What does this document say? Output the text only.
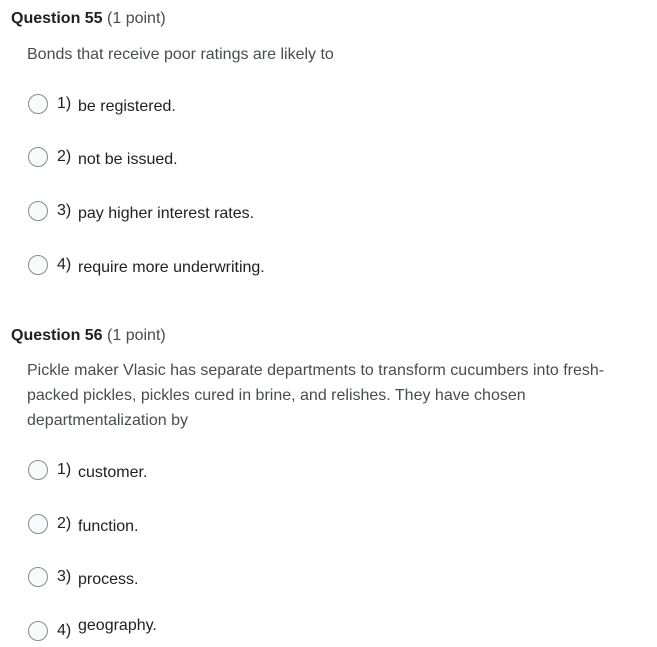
Question 55 (1 point)
Bonds that receive poor ratings are likely to
1) be registered.
2) not be issued.
3) pay higher interest rates.
4) require more underwriting.
Question 56 (1 point)
Pickle maker Vlasic has separate departments to transform cucumbers into fresh-packed pickles, pickles cured in brine, and relishes. They have chosen departmentalization by
1) customer.
2) function.
3) process.
4) geography.
